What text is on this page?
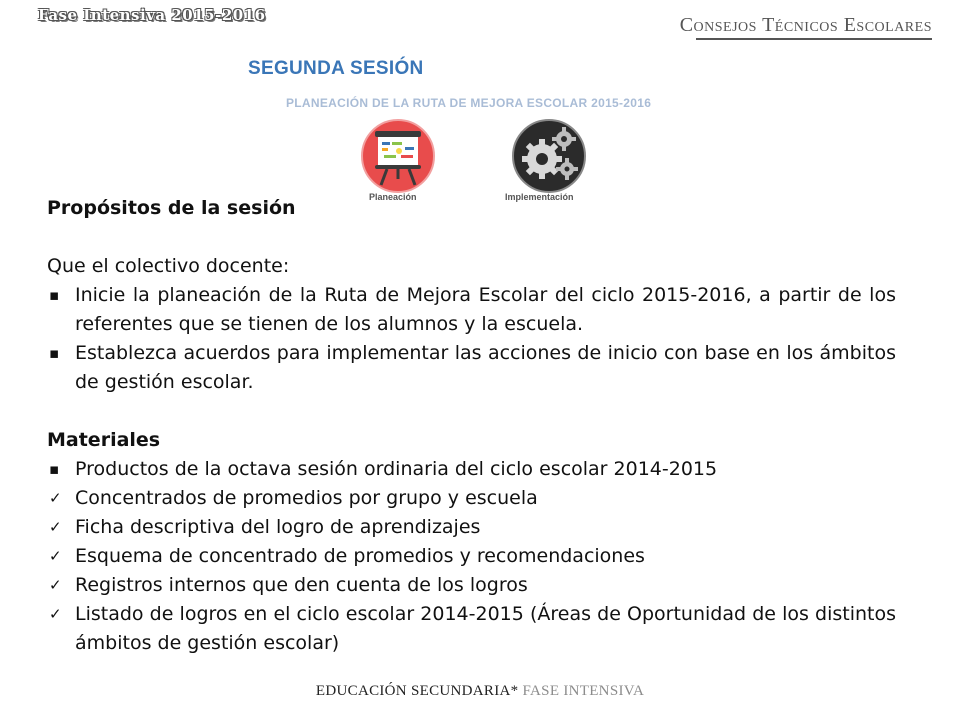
Fase Intensiva 2015-2016	Consejos Técnicos Escolares
SEGUNDA SESIÓN
PLANEACIÓN DE LA RUTA DE MEJORA ESCOLAR 2015-2016
Planeación	Implementación

Propósitos de la sesión

Que el colectivo docente:

▪ Inicie la planeación de la Ruta de Mejora Escolar del ciclo 2015-2016, a partir de los referentes que se tienen de los alumnos y la escuela.
▪ Establezca acuerdos para implementar las acciones de inicio con base en los ámbitos de gestión escolar.

Materiales

▪ Productos de la octava sesión ordinaria del ciclo escolar 2014-2015
✓ Concentrados de promedios por grupo y escuela
✓ Ficha descriptiva del logro de aprendizajes
✓ Esquema de concentrado de promedios y recomendaciones
✓ Registros internos que den cuenta de los logros
✓ Listado de logros en el ciclo escolar 2014-2015 (Áreas de Oportunidad de los distintos ámbitos de gestión escolar)
EDUCACIÓN SECUNDARIA* FASE INTENSIVA
